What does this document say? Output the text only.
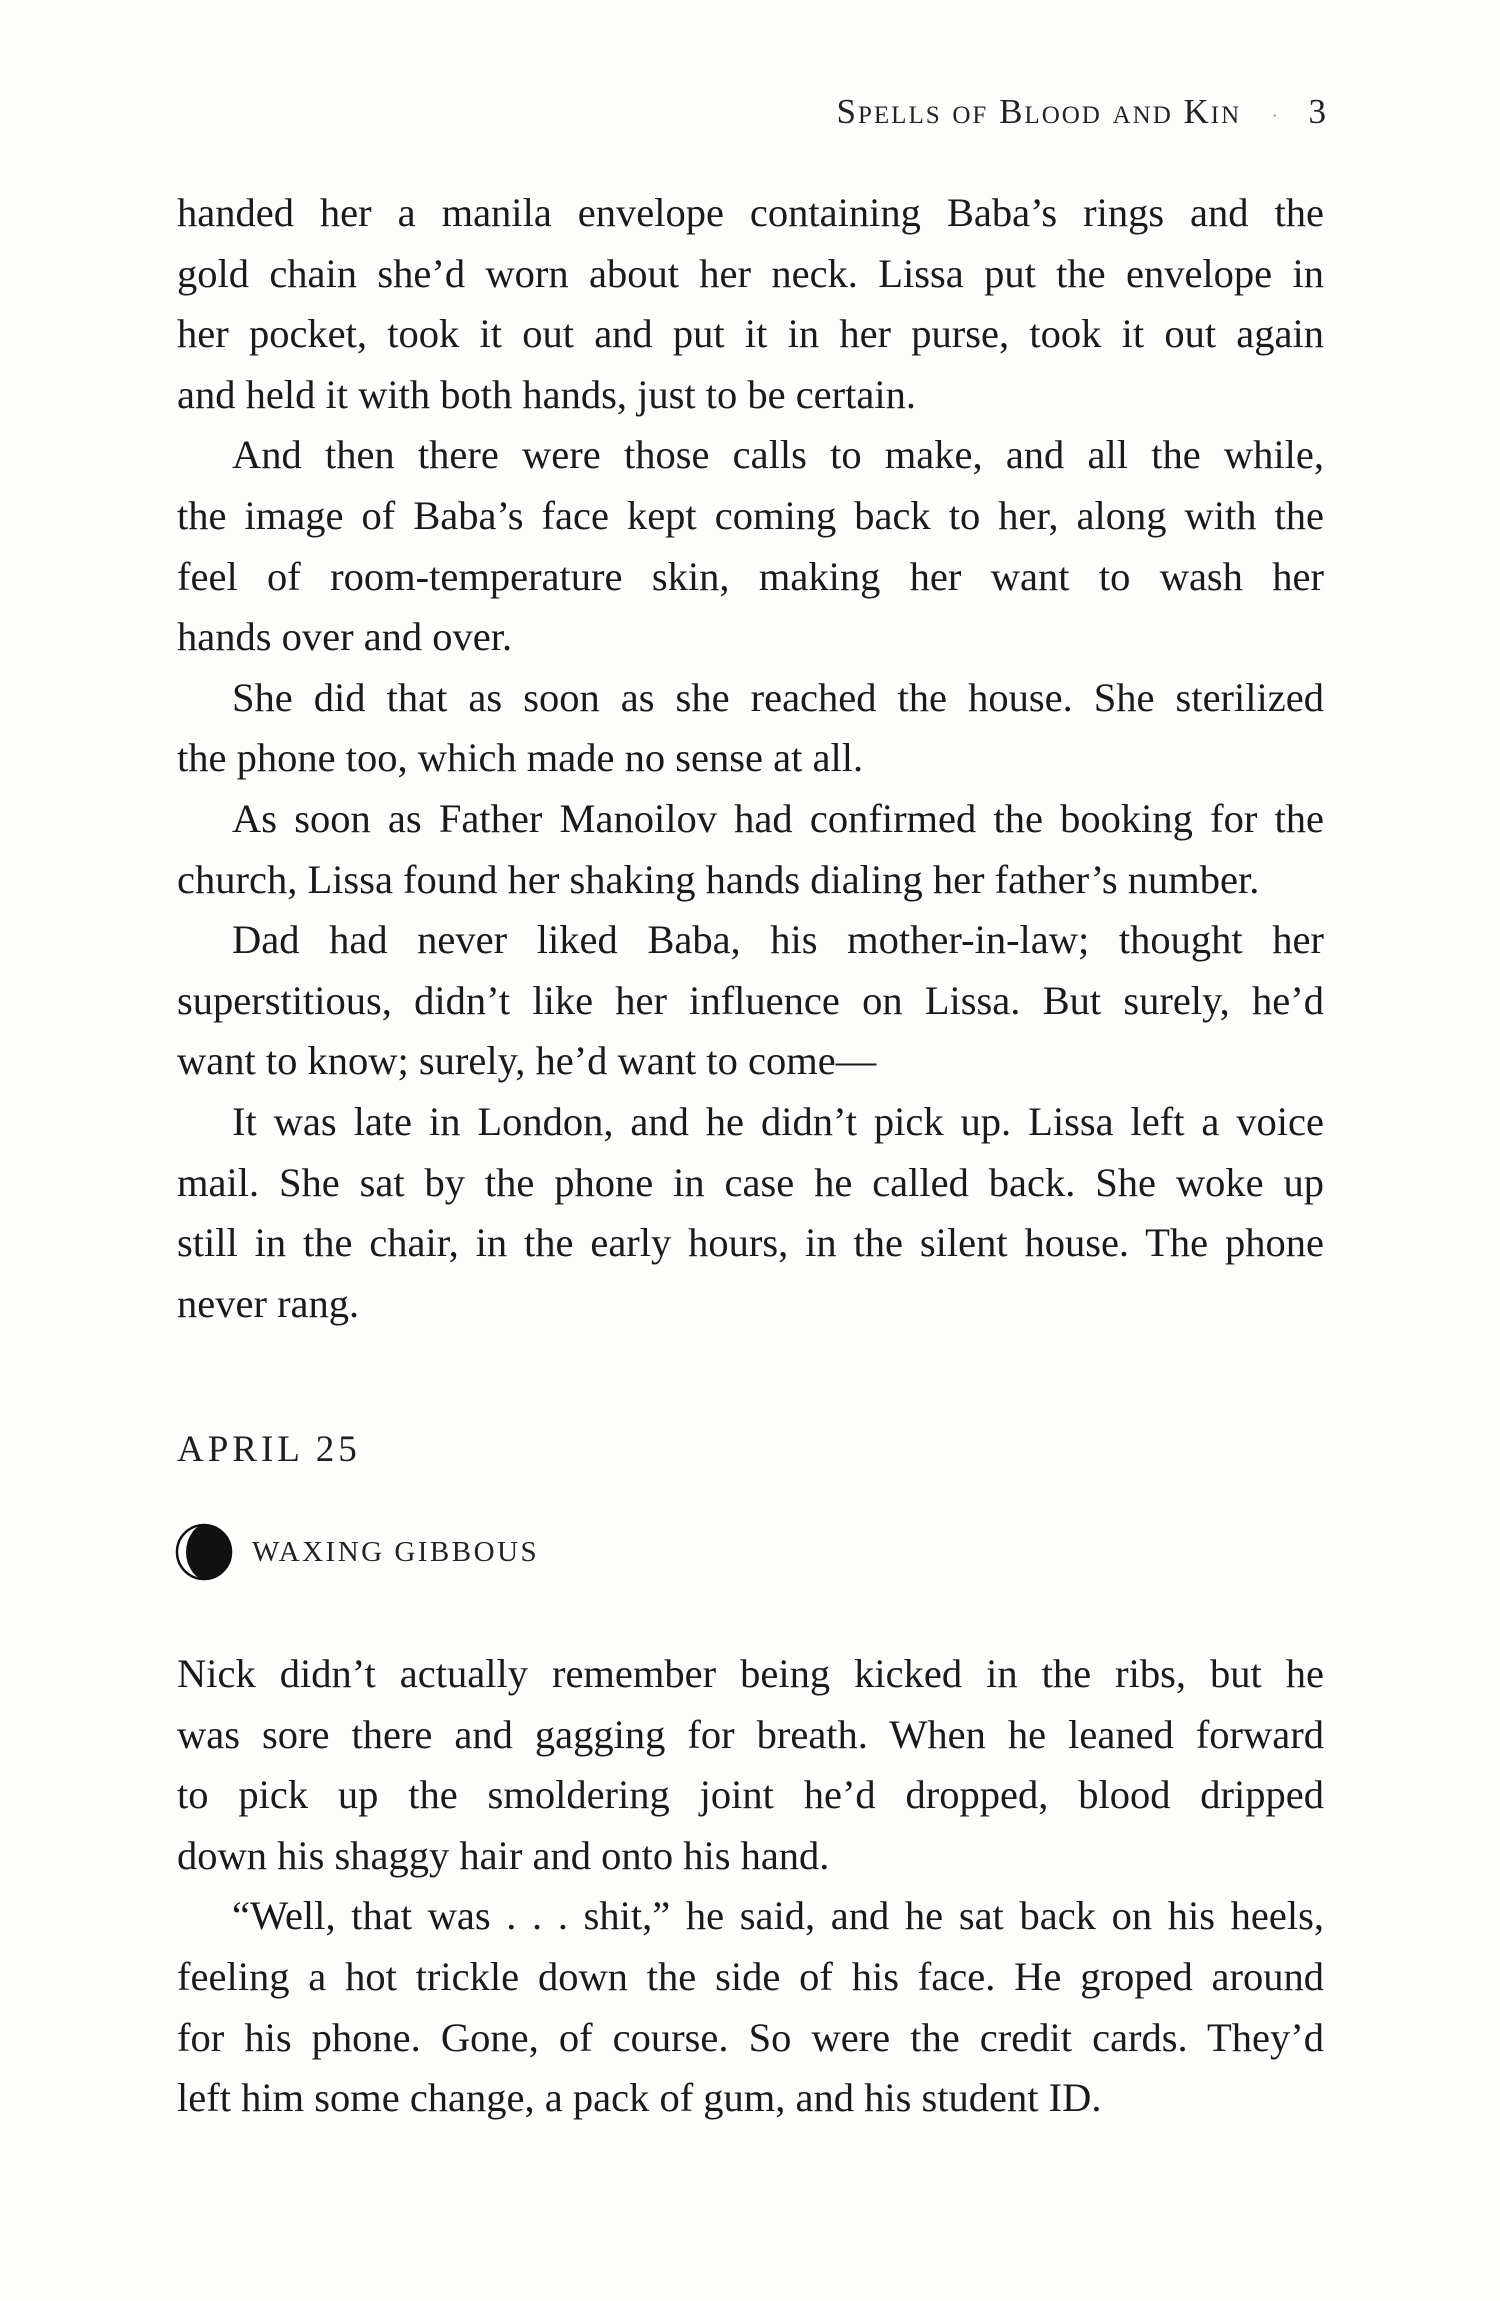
Spells of Blood and Kin · 3
handed her a manila envelope containing Baba’s rings and the
gold chain she’d worn about her neck. Lissa put the envelope in
her pocket, took it out and put it in her purse, took it out again
and held it with both hands, just to be certain.
And then there were those calls to make, and all the while,
the image of Baba’s face kept coming back to her, along with the
feel of room-temperature skin, making her want to wash her
hands over and over.
She did that as soon as she reached the house. She sterilized
the phone too, which made no sense at all.
As soon as Father Manoilov had confirmed the booking for the
church, Lissa found her shaking hands dialing her father’s number.
Dad had never liked Baba, his mother-in-law; thought her
superstitious, didn’t like her influence on Lissa. But surely, he’d
want to know; surely, he’d want to come—
It was late in London, and he didn’t pick up. Lissa left a voice
mail. She sat by the phone in case he called back. She woke up
still in the chair, in the early hours, in the silent house. The phone
never rang.
APRIL 25
WAXING GIBBOUS
Nick didn’t actually remember being kicked in the ribs, but he
was sore there and gagging for breath. When he leaned forward
to pick up the smoldering joint he’d dropped, blood dripped
down his shaggy hair and onto his hand.
“Well, that was . . . shit,” he said, and he sat back on his heels,
feeling a hot trickle down the side of his face. He groped around
for his phone. Gone, of course. So were the credit cards. They’d
left him some change, a pack of gum, and his student ID.
